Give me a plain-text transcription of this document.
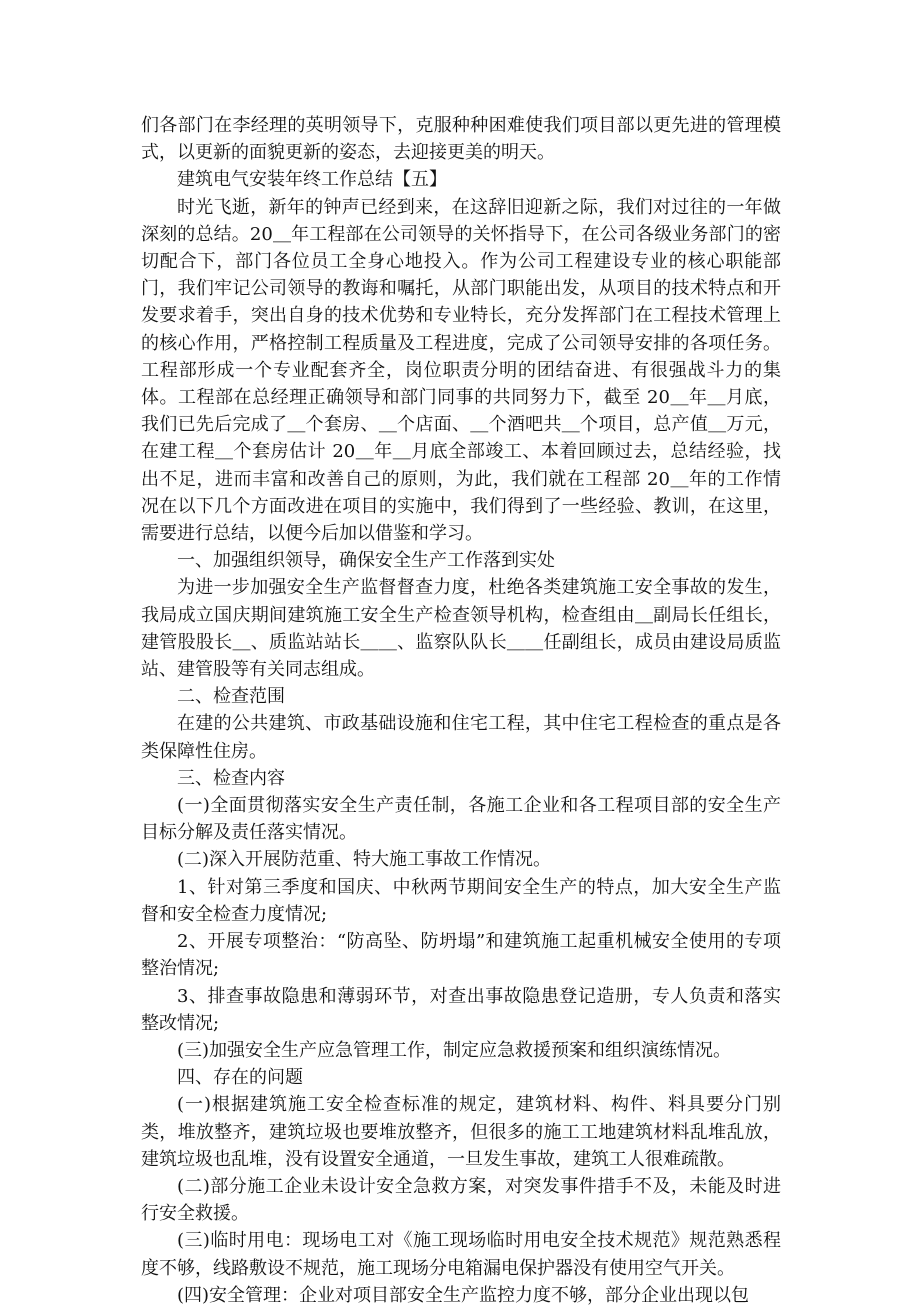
们各部门在李经理的英明领导下，克服种种困难使我们项目部以更先进的管理模式，以更新的面貌更新的姿态，去迎接更美的明天。

建筑电气安装年终工作总结【五】

时光飞逝，新年的钟声已经到来，在这辞旧迎新之际，我们对过往的一年做深刻的总结。20＿年工程部在公司领导的关怀指导下，在公司各级业务部门的密切配合下，部门各位员工全身心地投入。作为公司工程建设专业的核心职能部门，我们牢记公司领导的教诲和嘱托，从部门职能出发，从项目的技术特点和开发要求着手，突出自身的技术优势和专业特长，充分发挥部门在工程技术管理上的核心作用，严格控制工程质量及工程进度，完成了公司领导安排的各项任务。工程部形成一个专业配套齐全，岗位职责分明的团结奋进、有很强战斗力的集体。工程部在总经理正确领导和部门同事的共同努力下，截至 20＿年＿月底，我们已先后完成了＿个套房、＿个店面、＿个酒吧共＿个项目，总产值＿万元，在建工程＿个套房估计 20＿年＿月底全部竣工、本着回顾过去，总结经验，找出不足，进而丰富和改善自己的原则，为此，我们就在工程部 20＿年的工作情况在以下几个方面改进在项目的实施中，我们得到了一些经验、教训，在这里，需要进行总结，以便今后加以借鉴和学习。

一、加强组织领导，确保安全生产工作落到实处

为进一步加强安全生产监督督查力度，杜绝各类建筑施工安全事故的发生，我局成立国庆期间建筑施工安全生产检查领导机构，检查组由＿副局长任组长，建管股股长＿、质监站站长＿＿、监察队队长＿＿任副组长，成员由建设局质监站、建管股等有关同志组成。

二、检查范围

在建的公共建筑、市政基础设施和住宅工程，其中住宅工程检查的重点是各类保障性住房。

三、检查内容

(一)全面贯彻落实安全生产责任制，各施工企业和各工程项目部的安全生产目标分解及责任落实情况。

(二)深入开展防范重、特大施工事故工作情况。

1、针对第三季度和国庆、中秋两节期间安全生产的特点，加大安全生产监督和安全检查力度情况;

2、开展专项整治：“防高坠、防坍塌”和建筑施工起重机械安全使用的专项整治情况;

3、排查事故隐患和薄弱环节，对查出事故隐患登记造册，专人负责和落实整改情况;

(三)加强安全生产应急管理工作，制定应急救援预案和组织演练情况。

四、存在的问题

(一)根据建筑施工安全检查标准的规定，建筑材料、构件、料具要分门别类，堆放整齐，建筑垃圾也要堆放整齐，但很多的施工工地建筑材料乱堆乱放，建筑垃圾也乱堆，没有设置安全通道，一旦发生事故，建筑工人很难疏散。

(二)部分施工企业未设计安全急救方案，对突发事件措手不及，未能及时进行安全救援。

(三)临时用电：现场电工对《施工现场临时用电安全技术规范》规范熟悉程度不够，线路敷设不规范，施工现场分电箱漏电保护器没有使用空气开关。

(四)安全管理：企业对项目部安全生产监控力度不够，部分企业出现以包
